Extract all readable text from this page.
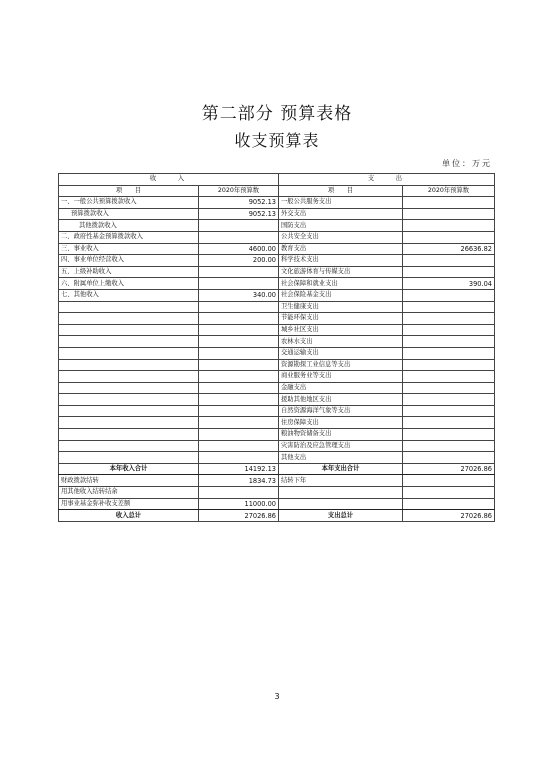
第二部分 预算表格
收支预算表
单位：万元
收　　入		支　　出	
项　　目	2020年预算数	项　　目	2020年预算数
一、一般公共预算拨款收入	9052.13	一般公共服务支出	
预算拨款收入	9052.13	外交支出	
其他拨款收入		国防支出	
二、政府性基金预算拨款收入		公共安全支出	
三、事业收入	4600.00	教育支出	26636.82
四、事业单位经营收入	200.00	科学技术支出	
五、上级补助收入		文化旅游体育与传媒支出	
六、附属单位上缴收入		社会保障和就业支出	390.04
七、其他收入	340.00	社会保险基金支出	
		卫生健康支出	
		节能环保支出	
		城乡社区支出	
		农林水支出	
		交通运输支出	
		资源勘探工业信息等支出	
		商业服务业等支出	
		金融支出	
		援助其他地区支出	
		自然资源海洋气象等支出	
		住房保障支出	
		粮油物资储备支出	
		灾害防治及应急管理支出	
		其他支出	
本年收入合计	14192.13	本年支出合计	27026.86
财政拨款结转	1834.73	结转下年	
用其他收入结转结余			
用事业基金弥补收支差额	11000.00		
收入总计	27026.86	支出总计	27026.86
3
